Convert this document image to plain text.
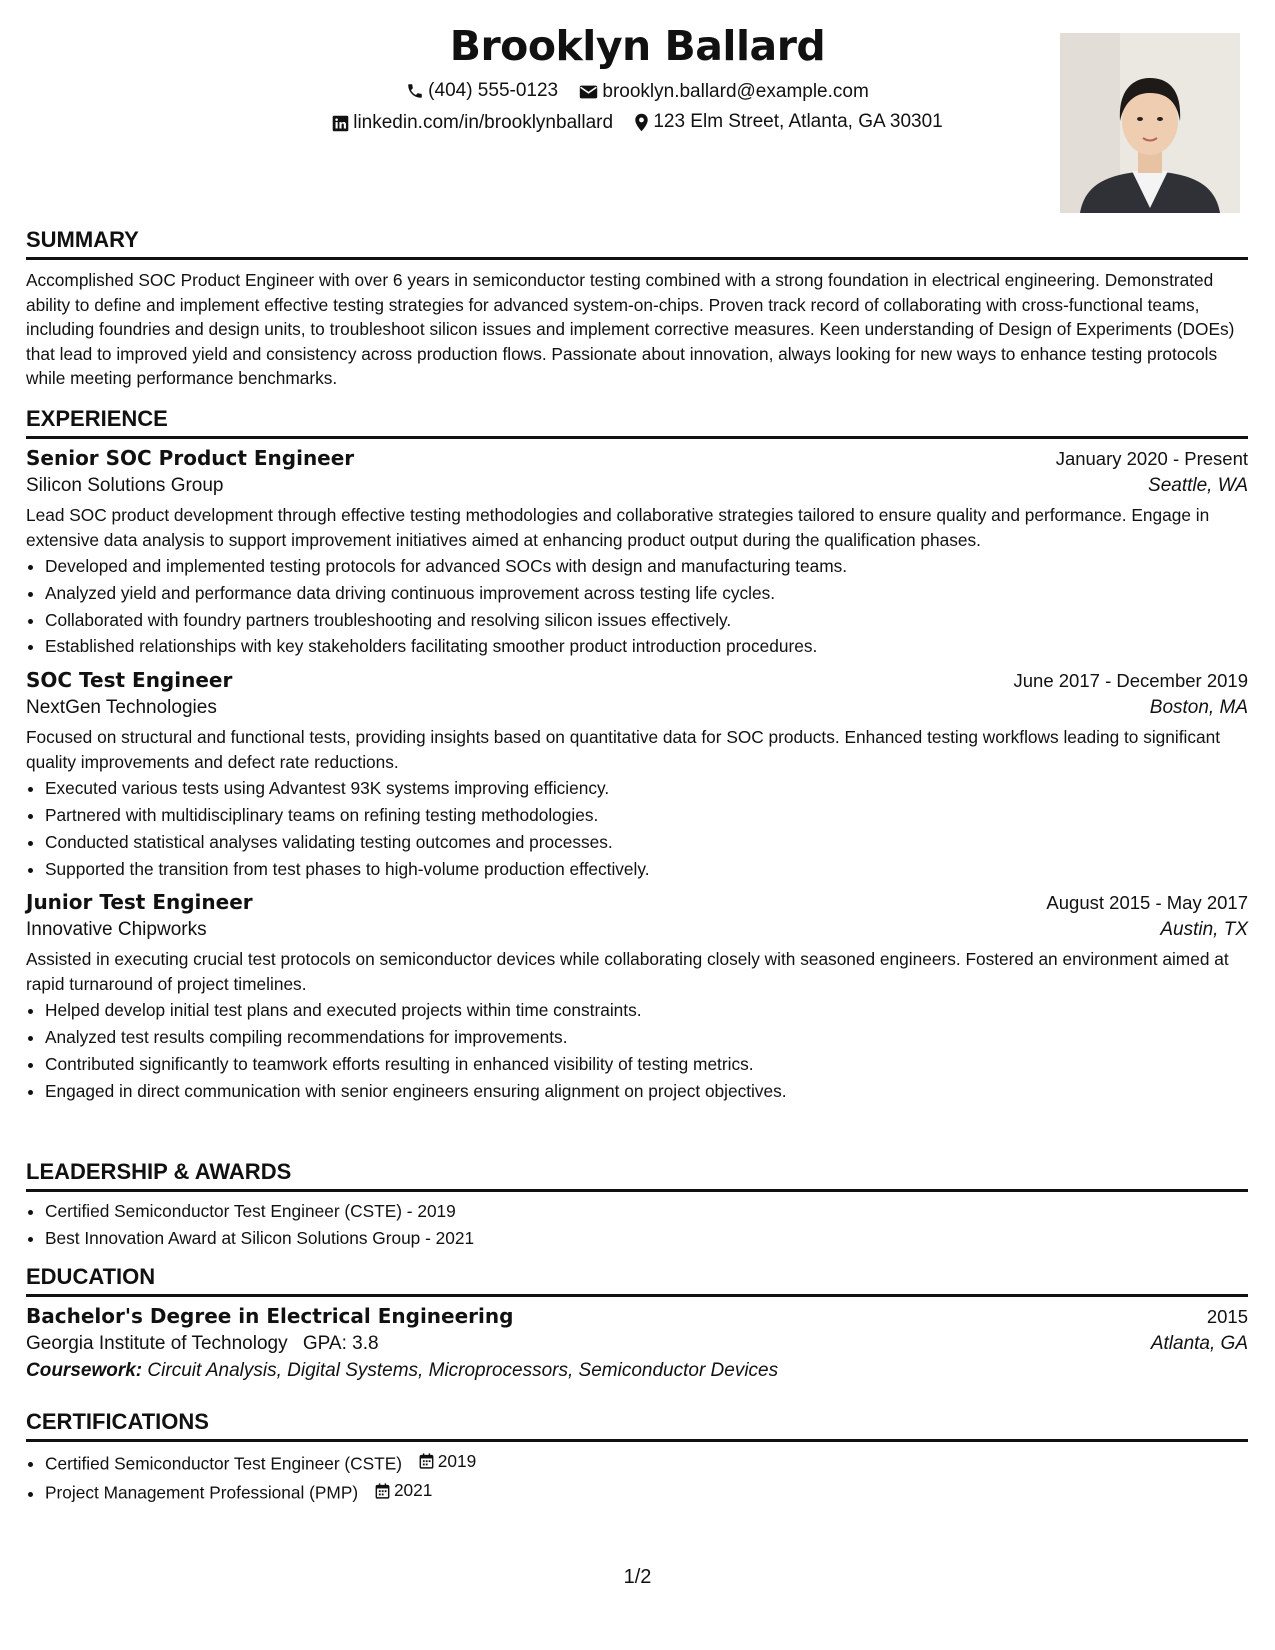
Brooklyn Ballard
(404) 555-0123
brooklyn.ballard@example.com
linkedin.com/in/brooklynballard
123 Elm Street, Atlanta, GA 30301
SUMMARY
Accomplished SOC Product Engineer with over 6 years in semiconductor testing combined with a strong foundation in electrical engineering. Demonstrated ability to define and implement effective testing strategies for advanced system-on-chips. Proven track record of collaborating with cross-functional teams, including foundries and design units, to troubleshoot silicon issues and implement corrective measures. Keen understanding of Design of Experiments (DOEs) that lead to improved yield and consistency across production flows. Passionate about innovation, always looking for new ways to enhance testing protocols while meeting performance benchmarks.
EXPERIENCE
Senior SOC Product Engineer	January 2020 - Present
Silicon Solutions Group	Seattle, WA
Lead SOC product development through effective testing methodologies and collaborative strategies tailored to ensure quality and performance. Engage in extensive data analysis to support improvement initiatives aimed at enhancing product output during the qualification phases.
• Developed and implemented testing protocols for advanced SOCs with design and manufacturing teams.
• Analyzed yield and performance data driving continuous improvement across testing life cycles.
• Collaborated with foundry partners troubleshooting and resolving silicon issues effectively.
• Established relationships with key stakeholders facilitating smoother product introduction procedures.
SOC Test Engineer	June 2017 - December 2019
NextGen Technologies	Boston, MA
Focused on structural and functional tests, providing insights based on quantitative data for SOC products. Enhanced testing workflows leading to significant quality improvements and defect rate reductions.
• Executed various tests using Advantest 93K systems improving efficiency.
• Partnered with multidisciplinary teams on refining testing methodologies.
• Conducted statistical analyses validating testing outcomes and processes.
• Supported the transition from test phases to high-volume production effectively.
Junior Test Engineer	August 2015 - May 2017
Innovative Chipworks	Austin, TX
Assisted in executing crucial test protocols on semiconductor devices while collaborating closely with seasoned engineers. Fostered an environment aimed at rapid turnaround of project timelines.
• Helped develop initial test plans and executed projects within time constraints.
• Analyzed test results compiling recommendations for improvements.
• Contributed significantly to teamwork efforts resulting in enhanced visibility of testing metrics.
• Engaged in direct communication with senior engineers ensuring alignment on project objectives.
LEADERSHIP & AWARDS
• Certified Semiconductor Test Engineer (CSTE) - 2019
• Best Innovation Award at Silicon Solutions Group - 2021
EDUCATION
Bachelor's Degree in Electrical Engineering	2015
Georgia Institute of Technology GPA: 3.8	Atlanta, GA
Coursework: Circuit Analysis, Digital Systems, Microprocessors, Semiconductor Devices
CERTIFICATIONS
• Certified Semiconductor Test Engineer (CSTE) 2019
• Project Management Professional (PMP) 2021
1/2
